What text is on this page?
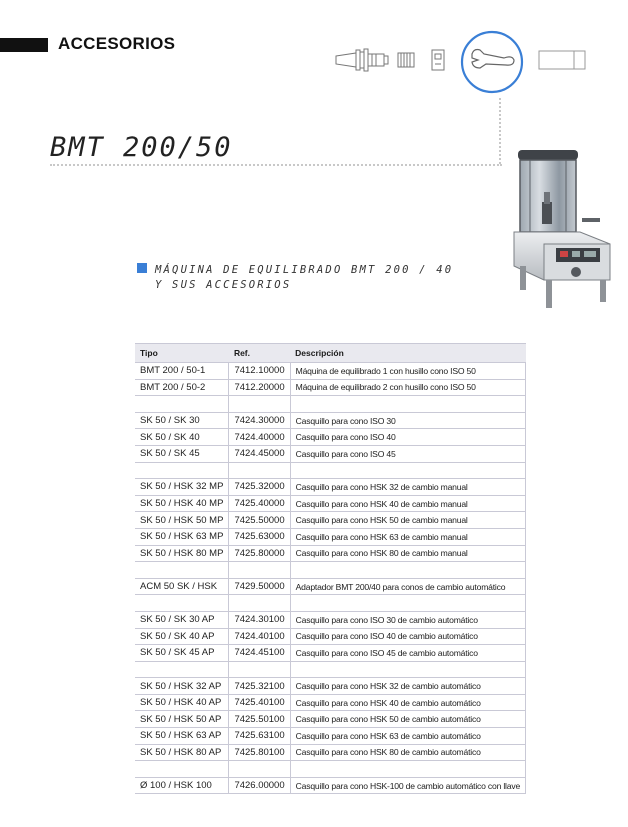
ACCESORIOS
BMT 200/50
MÁQUINA DE EQUILIBRADO BMT 200 / 40
Y SUS ACCESORIOS
Tipo	Ref.	Descripción
BMT 200 / 50-1	7412.10000	Máquina de equilibrado 1 con husillo cono ISO 50
BMT 200 / 50-2	7412.20000	Máquina de equilibrado 2 con husillo cono ISO 50

SK 50 / SK 30	7424.30000	Casquillo para cono ISO 30
SK 50 / SK 40	7424.40000	Casquillo para cono ISO 40
SK 50 / SK 45	7424.45000	Casquillo para cono ISO 45

SK 50 / HSK 32 MP	7425.32000	Casquillo para cono HSK 32 de cambio manual
SK 50 / HSK 40 MP	7425.40000	Casquillo para cono HSK 40 de cambio manual
SK 50 / HSK 50 MP	7425.50000	Casquillo para cono HSK 50 de cambio manual
SK 50 / HSK 63 MP	7425.63000	Casquillo para cono HSK 63 de cambio manual
SK 50 / HSK 80 MP	7425.80000	Casquillo para cono HSK 80 de cambio manual

ACM 50 SK / HSK	7429.50000	Adaptador BMT 200/40 para conos de cambio automático

SK 50 / SK 30 AP	7424.30100	Casquillo para cono ISO 30 de cambio automático
SK 50 / SK 40 AP	7424.40100	Casquillo para cono ISO 40 de cambio automático
SK 50 / SK 45 AP	7424.45100	Casquillo para cono ISO 45 de cambio automático

SK 50 / HSK 32 AP	7425.32100	Casquillo para cono HSK 32 de cambio automático
SK 50 / HSK 40 AP	7425.40100	Casquillo para cono HSK 40 de cambio automático
SK 50 / HSK 50 AP	7425.50100	Casquillo para cono HSK 50 de cambio automático
SK 50 / HSK 63 AP	7425.63100	Casquillo para cono HSK 63 de cambio automático
SK 50 / HSK 80 AP	7425.80100	Casquillo para cono HSK 80 de cambio automático

Ø 100 / HSK 100	7426.00000	Casquillo para cono HSK-100 de cambio automático con llave
